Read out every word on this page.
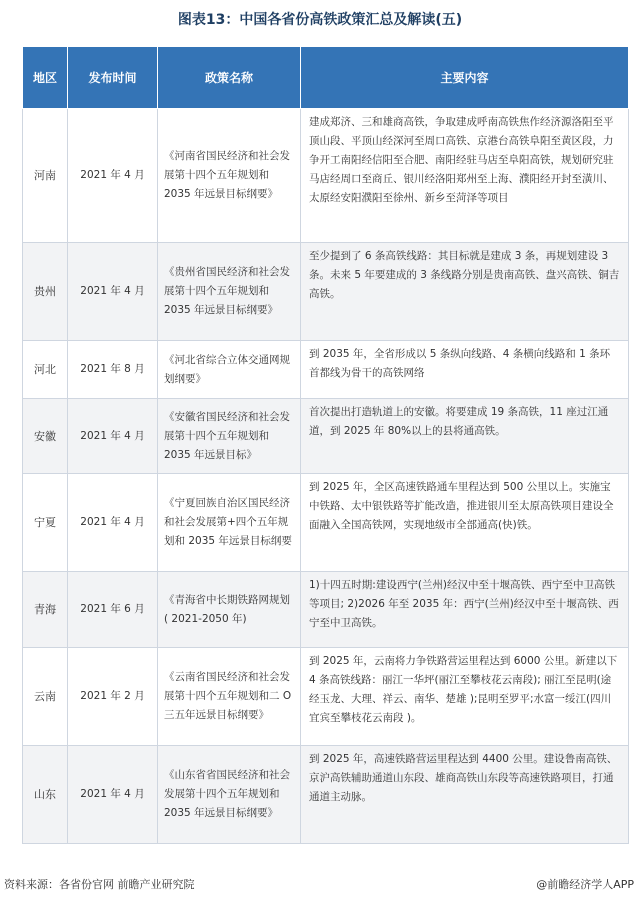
图表13：中国各省份高铁政策汇总及解读(五)
地区	发布时间	政策名称	主要内容
河南	2021 年 4 月	《河南省国民经济和社会发展第十四个五年规划和 2035 年远景目标纲要》	建成郑济、三和雄商高铁，争取建成呼南高铁焦作经济源洛阳至平顶山段、平顶山经深河至周口高铁、京港台高铁阜阳至黄区段，力争开工南阳经信阳至合肥、南阳经驻马店至阜阳高铁，规划研究驻马店经周口至商丘、银川经洛阳郑州至上海、濮阳经开封至潢川、太原经安阳濮阳至徐州、新乡至菏泽等项目
贵州	2021 年 4 月	《贵州省国民经济和社会发展第十四个五年规划和 2035 年远景目标纲要》	至少提到了 6 条高铁线路：其目标就是建成 3 条，再规划建设 3 条。未来 5 年要建成的 3 条线路分别是贵南高铁、盘兴高铁、铜吉高铁。
河北	2021 年 8 月	《河北省综合立体交通网规划纲要》	到 2035 年，全省形成以 5 条纵向线路、4 条横向线路和 1 条环首都线为骨干的高铁网络
安徽	2021 年 4 月	《安徽省国民经济和社会发展第十四个五年规划和 2035 年远景目标》	首次提出打造轨道上的安徽。将要建成 19 条高铁，11 座过江通道，到 2025 年 80%以上的县将通高铁。
宁夏	2021 年 4 月	《宁夏回族自治区国民经济和社会发展第+四个五年规划和 2035 年远景目标纲要	到 2025 年，全区高速铁路通车里程达到 500 公里以上。实施宝中铁路、太中银铁路等扩能改造，推进银川至太原高铁项目建设全面融入全国高铁网，实现地级市全部通高(快)铁。
青海	2021 年 6 月	《青海省中长期铁路网规划( 2021-2050 年)	1)十四五时期:建设西宁(兰州)经汉中至十堰高铁、西宁至中卫高铁等项目; 2)2026 年至 2035 年：西宁(兰州)经汉中至十堰高铁、西宁至中卫高铁。
云南	2021 年 2 月	《云南省国民经济和社会发展第十四个五年规划和二 O 三五年远景目标纲要》	到 2025 年，云南将力争铁路营运里程达到 6000 公里。新建以下 4 条高铁线路：丽江一华坪(丽江至攀枝花云南段); 丽江至昆明(途经玉龙、大理、祥云、南华、楚雄 );昆明至罗平;水富一绥江(四川宜宾至攀枝花云南段 )。
山东	2021 年 4 月	《山东省省国民经济和社会发展第十四个五年规划和 2035 年远景目标纲要》	到 2025 年，高速铁路营运里程达到 4400 公里。建设鲁南高铁、京沪高铁辅助通道山东段、雄商高铁山东段等高速铁路项目，打通通道主动脉。
资料来源：各省份官网 前瞻产业研究院	@前瞻经济学人APP
